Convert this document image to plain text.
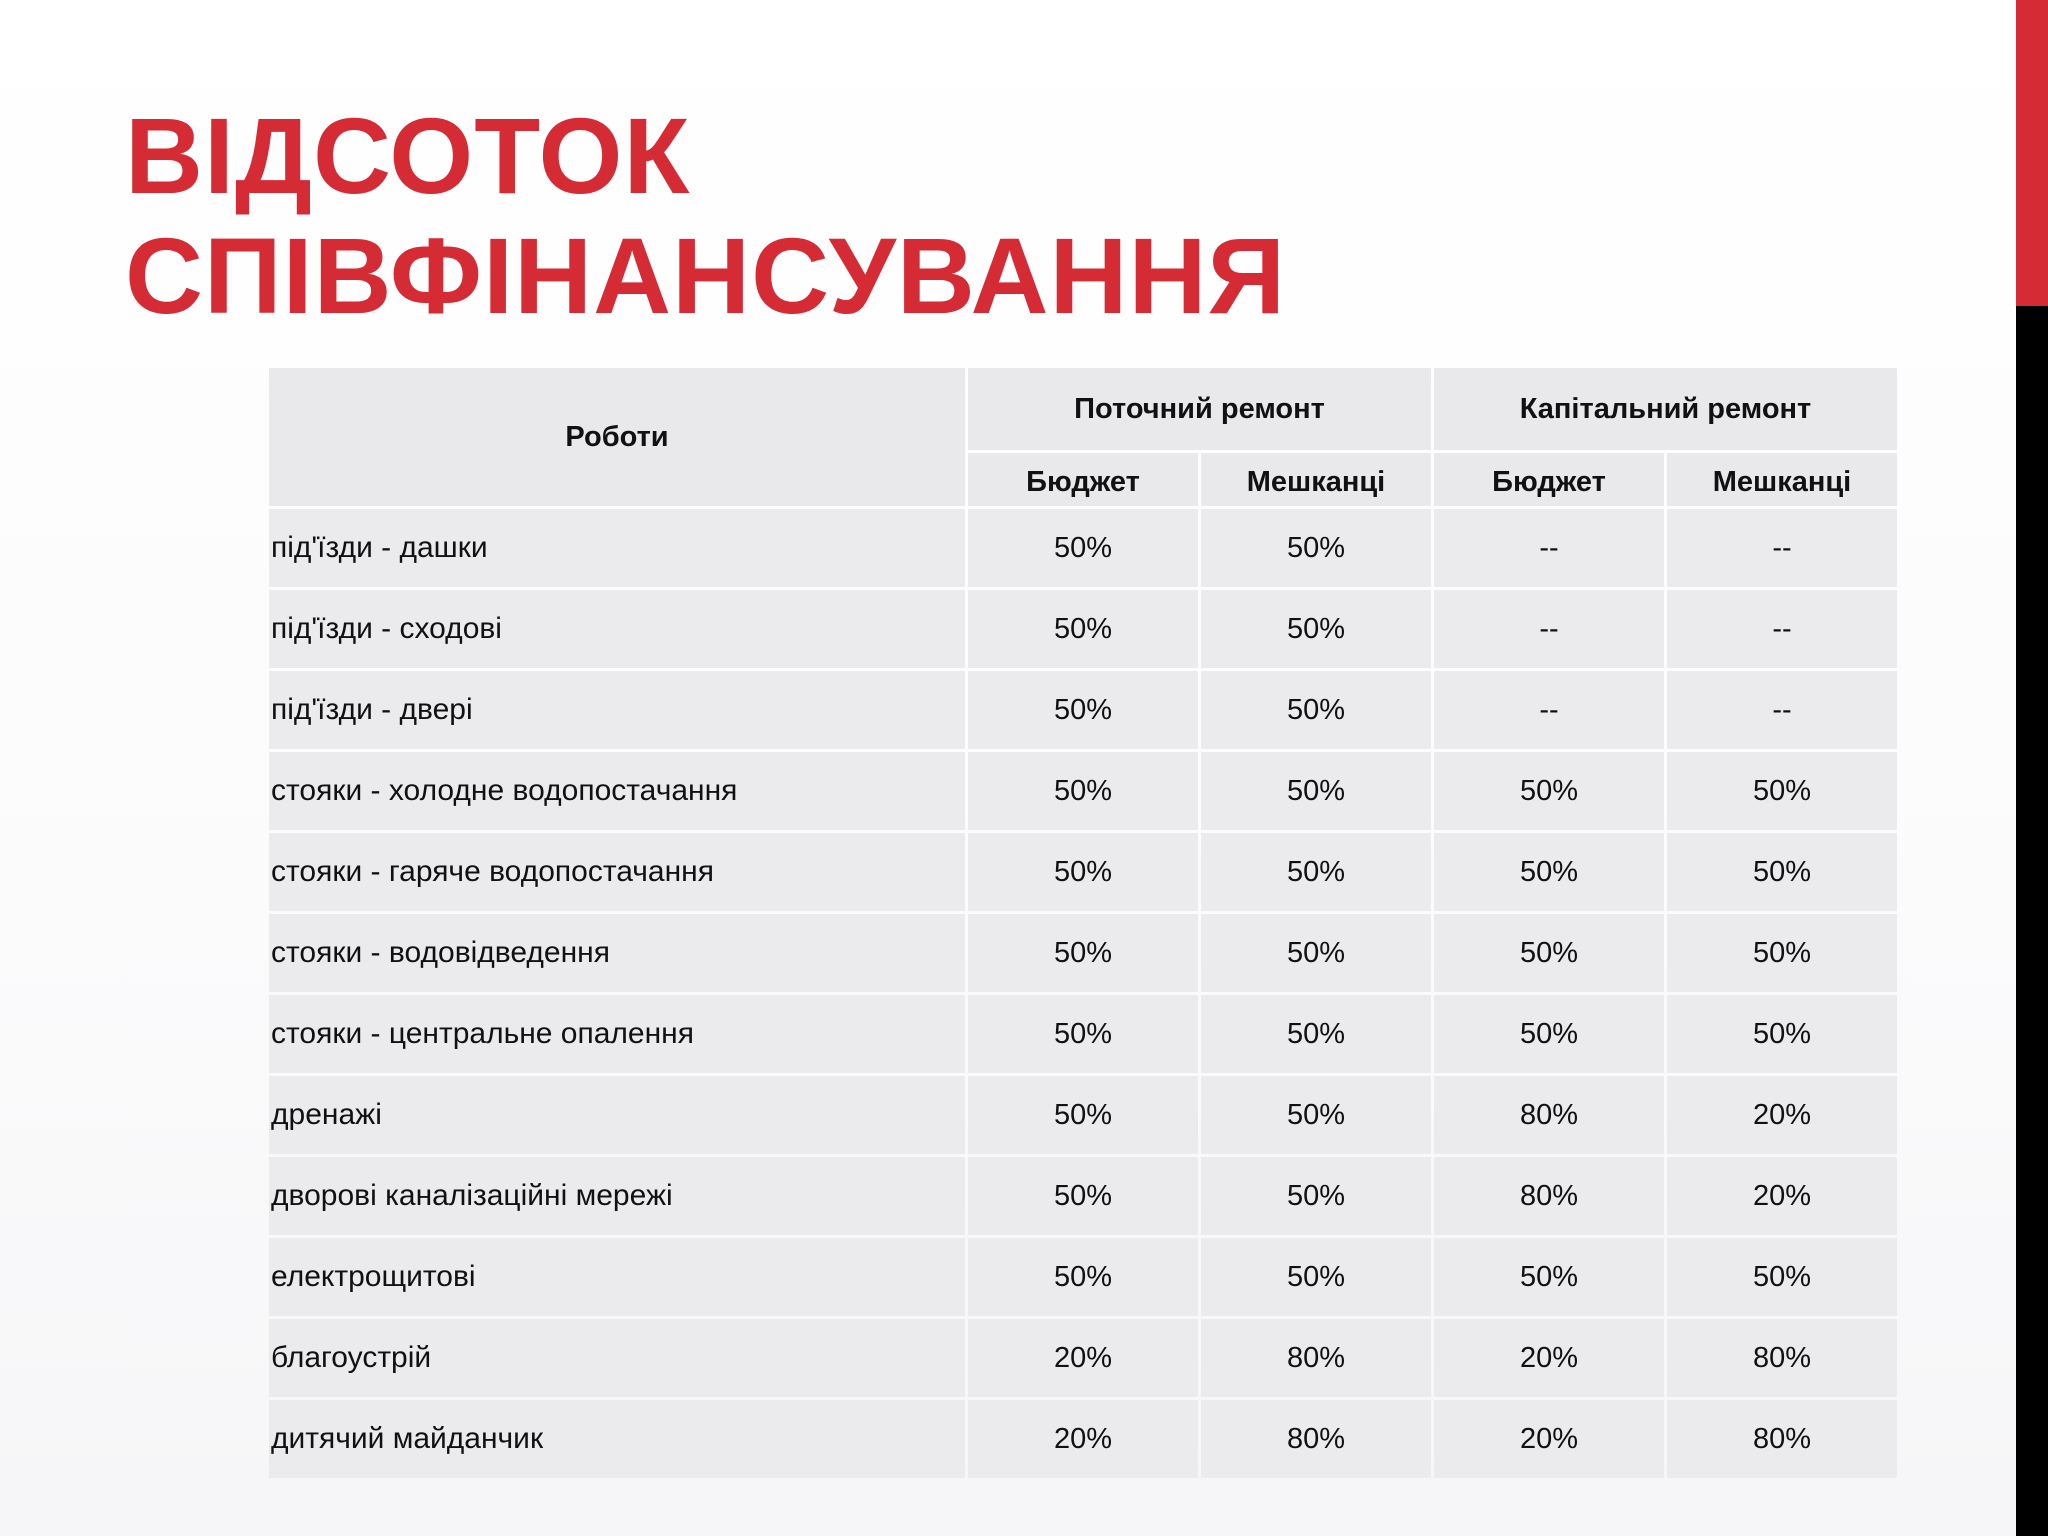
ВІДСОТОК
СПІВФІНАНСУВАННЯ
Роботи	Поточний ремонт		Капітальний ремонт	
	Бюджет	Мешканці	Бюджет	Мешканці
під'їзди - дашки	50%	50%	--	--
під'їзди - сходові	50%	50%	--	--
під'їзди - двері	50%	50%	--	--
стояки - холодне водопостачання	50%	50%	50%	50%
стояки - гаряче водопостачання	50%	50%	50%	50%
стояки - водовідведення	50%	50%	50%	50%
стояки - центральне опалення	50%	50%	50%	50%
дренажі	50%	50%	80%	20%
дворові каналізаційні мережі	50%	50%	80%	20%
електрощитові	50%	50%	50%	50%
благоустрій	20%	80%	20%	80%
дитячий майданчик	20%	80%	20%	80%
